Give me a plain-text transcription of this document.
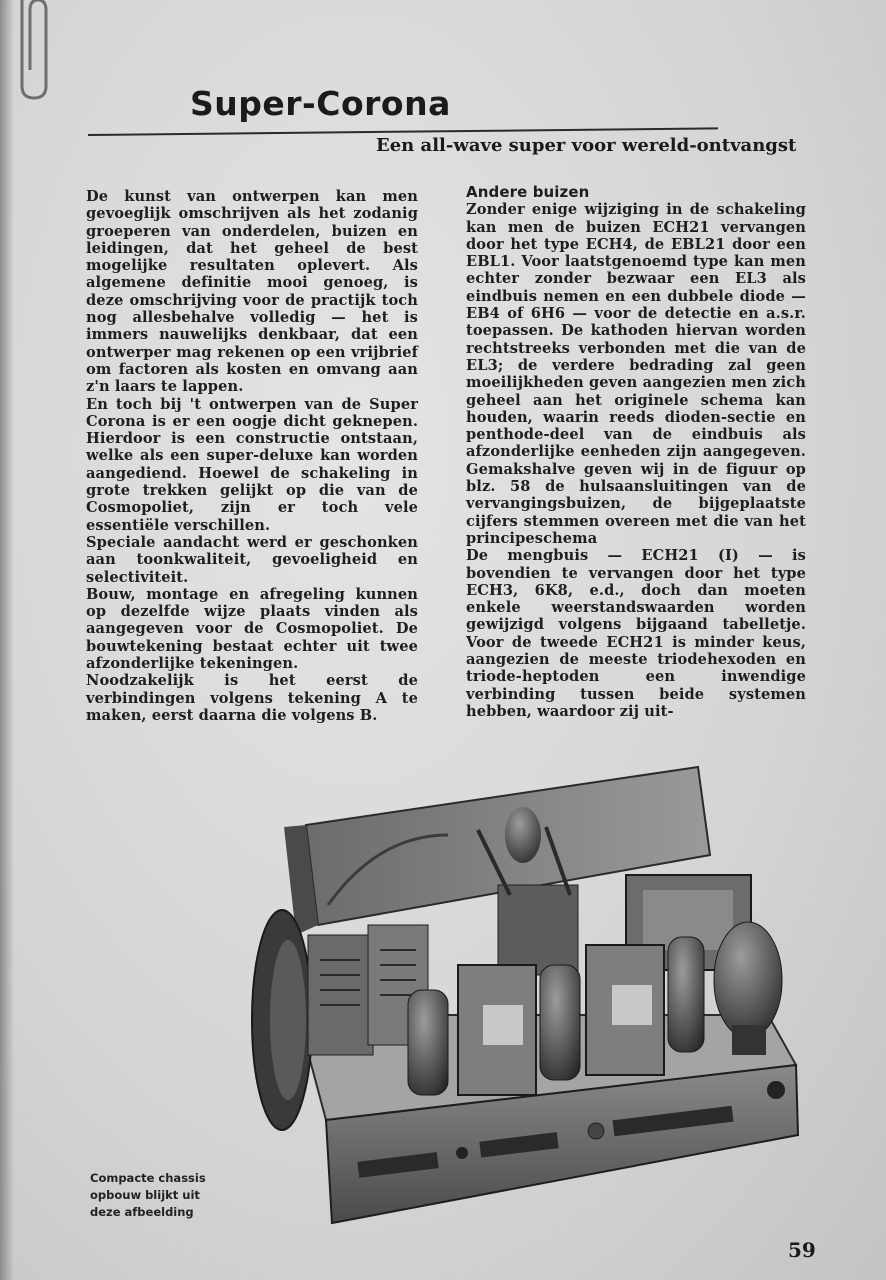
Super-Corona
Een all-wave super voor wereld-ontvangst

De kunst van ontwerpen kan men gevoeglijk omschrijven als het zodanig groeperen van onderdelen, buizen en leidingen, dat het geheel de best mogelijke resultaten oplevert. Als algemene definitie mooi genoeg, is deze omschrijving voor de practijk toch nog allesbehalve volledig — het is immers nauwelijks denkbaar, dat een ontwerper mag rekenen op een vrijbrief om factoren als kosten en omvang aan z'n laars te lappen.

En toch bij 't ontwerpen van de Super Corona is er een oogje dicht geknepen. Hierdoor is een constructie ontstaan, welke als een super-deluxe kan worden aangediend. Hoewel de schakeling in grote trekken gelijkt op die van de Cosmopoliet, zijn er toch vele essentiële verschillen.

Speciale aandacht werd er geschonken aan toonkwaliteit, gevoeligheid en selectiviteit.

Bouw, montage en afregeling kunnen op dezelfde wijze plaats vinden als aangegeven voor de Cosmopoliet. De bouwtekening bestaat echter uit twee afzonderlijke tekeningen.

Noodzakelijk is het eerst de verbindingen volgens tekening A te maken, eerst daarna die volgens B.

Andere buizen

Zonder enige wijziging in de schakeling kan men de buizen ECH21 vervangen door het type ECH4, de EBL21 door een EBL1. Voor laatstgenoemd type kan men echter zonder bezwaar een EL3 als eindbuis nemen en een dubbele diode — EB4 of 6H6 — voor de detectie en a.s.r. toepassen. De kathoden hiervan worden rechtstreeks verbonden met die van de EL3; de verdere bedrading zal geen moeilijkheden geven aangezien men zich geheel aan het originele schema kan houden, waarin reeds dioden-sectie en penthode-deel van de eindbuis als afzonderlijke eenheden zijn aangegeven. Gemakshalve geven wij in de figuur op blz. 58 de hulsaansluitingen van de vervangingsbuizen, de bijgeplaatste cijfers stemmen overeen met die van het principeschema

De mengbuis — ECH21 (I) — is bovendien te vervangen door het type ECH3, 6K8, e.d., doch dan moeten enkele weerstandswaarden worden gewijzigd volgens bijgaand tabelletje. Voor de tweede ECH21 is minder keus, aangezien de meeste triodehexoden en triode-heptoden een inwendige verbinding tussen beide systemen hebben, waardoor zij uit-

Compacte chassis opbouw blijkt uit deze afbeelding
59
